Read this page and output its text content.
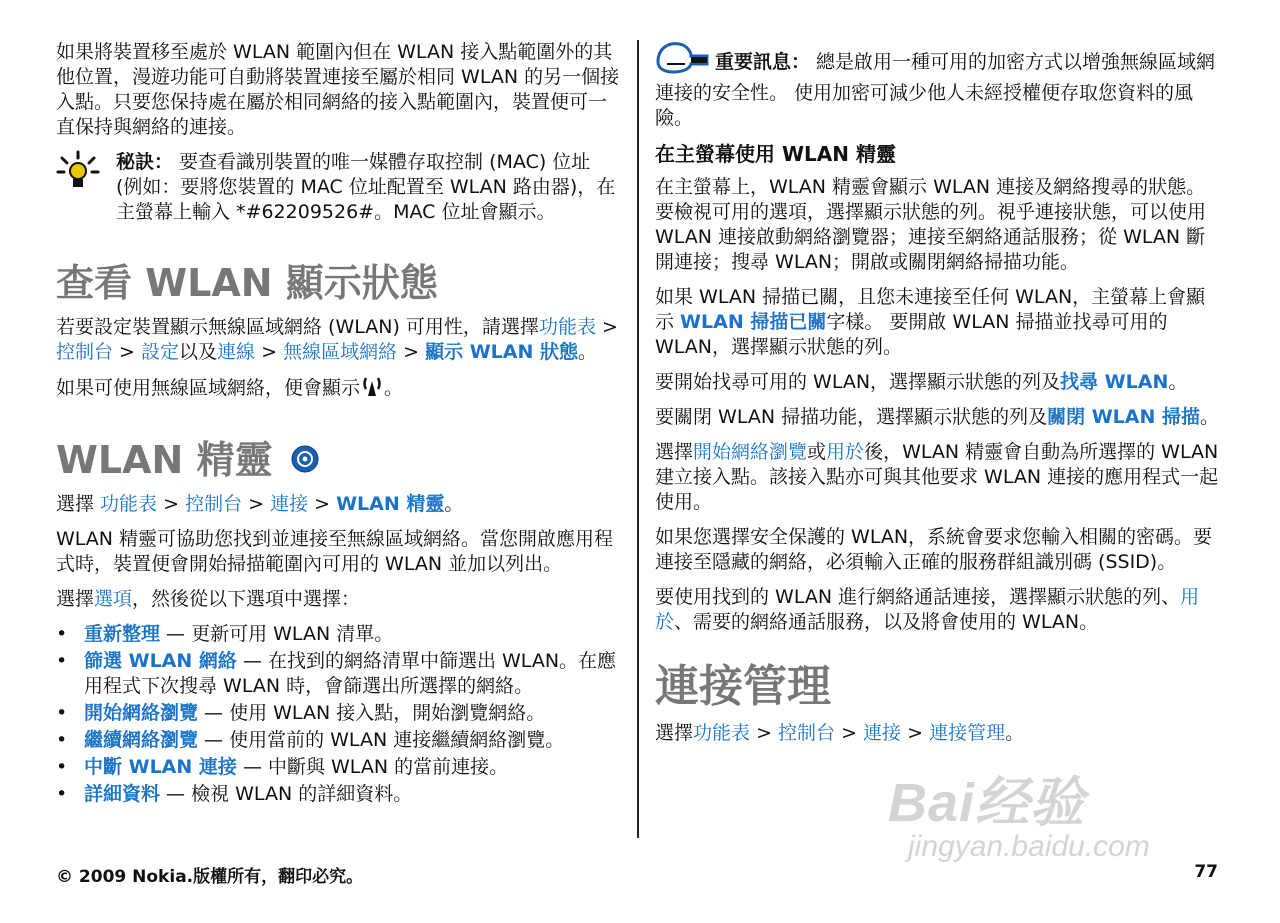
如果將裝置移至處於 WLAN 範圍內但在 WLAN 接入點範圍外的其他位置，漫遊功能可自動將裝置連接至屬於相同 WLAN 的另一個接入點。只要您保持處在屬於相同網絡的接入點範圍內，裝置便可一直保持與網絡的連接。

秘訣： 要查看識別裝置的唯一媒體存取控制 (MAC) 位址 (例如：要將您裝置的 MAC 位址配置至 WLAN 路由器)，在主螢幕上輸入 *#62209526#。MAC 位址會顯示。

查看 WLAN 顯示狀態

若要設定裝置顯示無線區域網絡 (WLAN) 可用性，請選擇功能表 > 控制台 > 設定以及連線 > 無線區域網絡 > 顯示 WLAN 狀態。

如果可使用無線區域網絡，便會顯示 。

WLAN 精靈

選擇 功能表 > 控制台 > 連接 > WLAN 精靈。

WLAN 精靈可協助您找到並連接至無線區域網絡。當您開啟應用程式時，裝置便會開始掃描範圍內可用的 WLAN 並加以列出。

選擇選項，然後從以下選項中選擇：

• 重新整理 — 更新可用 WLAN 清單。
• 篩選 WLAN 網絡 — 在找到的網絡清單中篩選出 WLAN。在應用程式下次搜尋 WLAN 時，會篩選出所選擇的網絡。
• 開始網絡瀏覽 — 使用 WLAN 接入點，開始瀏覽網絡。
• 繼續網絡瀏覽 — 使用當前的 WLAN 連接繼續網絡瀏覽。
• 中斷 WLAN 連接 — 中斷與 WLAN 的當前連接。
• 詳細資料 — 檢視 WLAN 的詳細資料。
重要訊息： 總是啟用一種可用的加密方式以增強無線區域網連接的安全性。 使用加密可減少他人未經授權便存取您資料的風險。
在主螢幕使用 WLAN 精靈

在主螢幕上，WLAN 精靈會顯示 WLAN 連接及網絡搜尋的狀態。 要檢視可用的選項，選擇顯示狀態的列。視乎連接狀態，可以使用 WLAN 連接啟動網絡瀏覽器；連接至網絡通話服務；從 WLAN 斷開連接；搜尋 WLAN；開啟或關閉網絡掃描功能。

如果 WLAN 掃描已關，且您未連接至任何 WLAN，主螢幕上會顯示 WLAN 掃描已關字樣。 要開啟 WLAN 掃描並找尋可用的 WLAN，選擇顯示狀態的列。

要開始找尋可用的 WLAN，選擇顯示狀態的列及找尋 WLAN。

要關閉 WLAN 掃描功能，選擇顯示狀態的列及關閉 WLAN 掃描。

選擇開始網絡瀏覽或用於後，WLAN 精靈會自動為所選擇的 WLAN 建立接入點。該接入點亦可與其他要求 WLAN 連接的應用程式一起使用。

如果您選擇安全保護的 WLAN，系統會要求您輸入相關的密碼。要連接至隱藏的網絡，必須輸入正確的服務群組識別碼 (SSID)。

要使用找到的 WLAN 進行網絡通話連接，選擇顯示狀態的列、用於、需要的網絡通話服務，以及將會使用的 WLAN。

連接管理

選擇功能表 > 控制台 > 連接 > 連接管理。

Bai经验
jingyan.baidu.com
© 2009 Nokia.版權所有，翻印必究。	77
